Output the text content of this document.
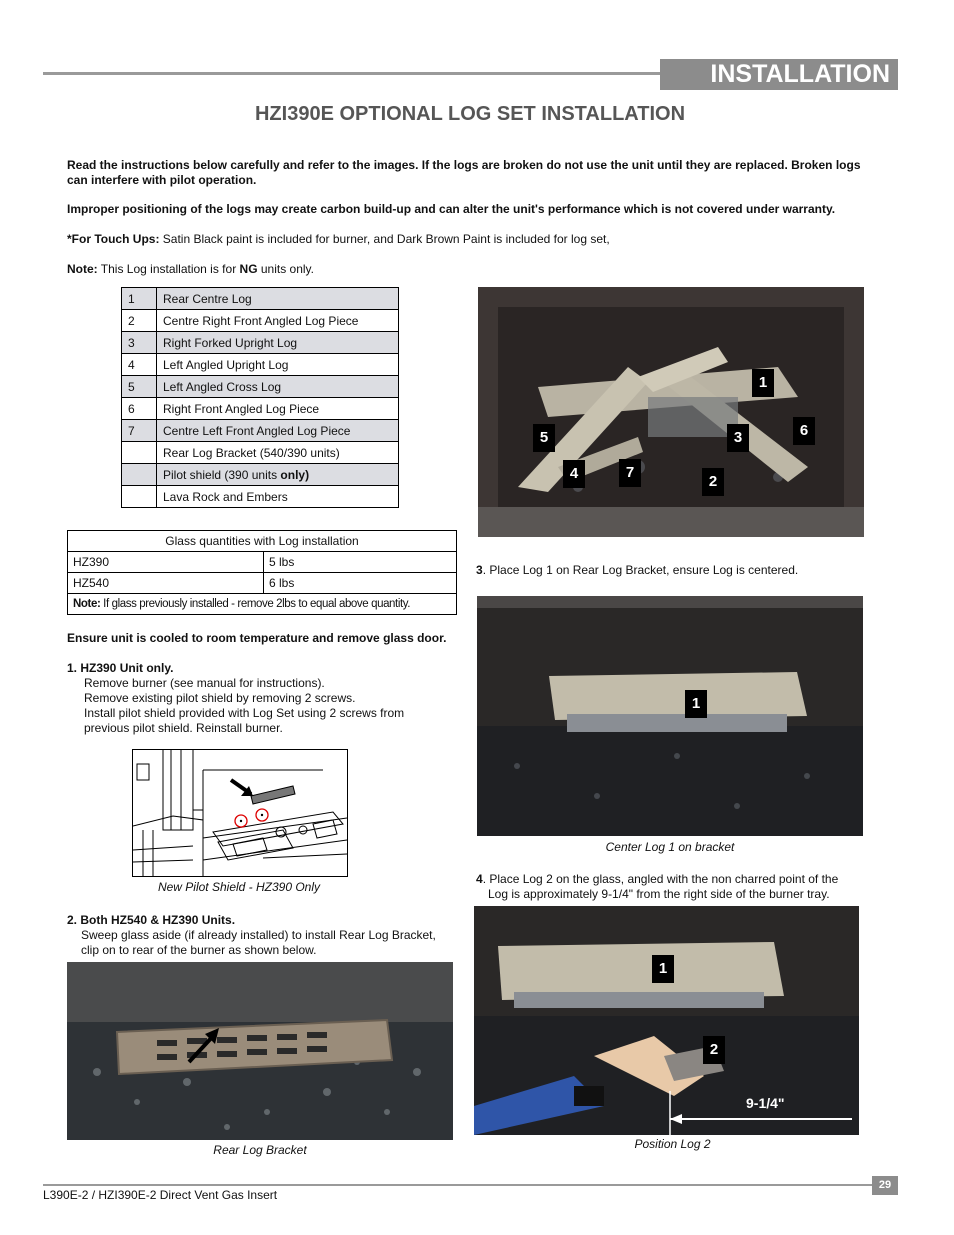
INSTALLATION
HZI390E OPTIONAL LOG SET INSTALLATION
Read the instructions below carefully and refer to the images. If the logs are broken do not use the unit until they are replaced. Broken logs can interfere with pilot operation.
Improper positioning of the logs may create carbon build-up and can alter the unit's performance which is not covered under warranty.
*For Touch Ups: Satin Black paint is included for burner, and Dark Brown Paint is included for log set,
Note: This Log installation is for NG units only.
1	Rear Centre Log
2	Centre Right Front Angled Log Piece
3	Right Forked Upright Log
4	Left Angled Upright Log
5	Left Angled Cross Log
6	Right Front Angled Log Piece
7	Centre Left Front Angled Log Piece
	Rear Log Bracket (540/390 units)
	Pilot shield (390 units only)
	Lava Rock and Embers
Glass quantities with Log installation	
HZ390	5 lbs
HZ540	6 lbs
Note: If glass previously installed - remove 2lbs to equal above quantity.	
Ensure unit is cooled to room temperature and remove glass door.
1. HZ390 Unit only.
Remove burner (see manual for instructions).
Remove existing pilot shield by removing 2 screws.
Install pilot shield provided with Log Set using 2 screws from
previous pilot shield. Reinstall burner.
New Pilot Shield - HZ390 Only
2. Both HZ540 & HZ390 Units.
Sweep glass aside (if already installed) to install Rear Log Bracket,
clip on to rear of the burner as shown below.
Rear Log Bracket
1
5	3	6
4	7
2
3. Place Log 1 on Rear Log Bracket, ensure Log is centered.
1
Center Log 1 on bracket
4. Place Log 2 on the glass, angled with the non charred point of the
Log is approximately 9-1/4" from the right side of the burner tray.
1
2
9-1/4"
Position Log 2
29
L390E-2 / HZI390E-2 Direct Vent Gas Insert
